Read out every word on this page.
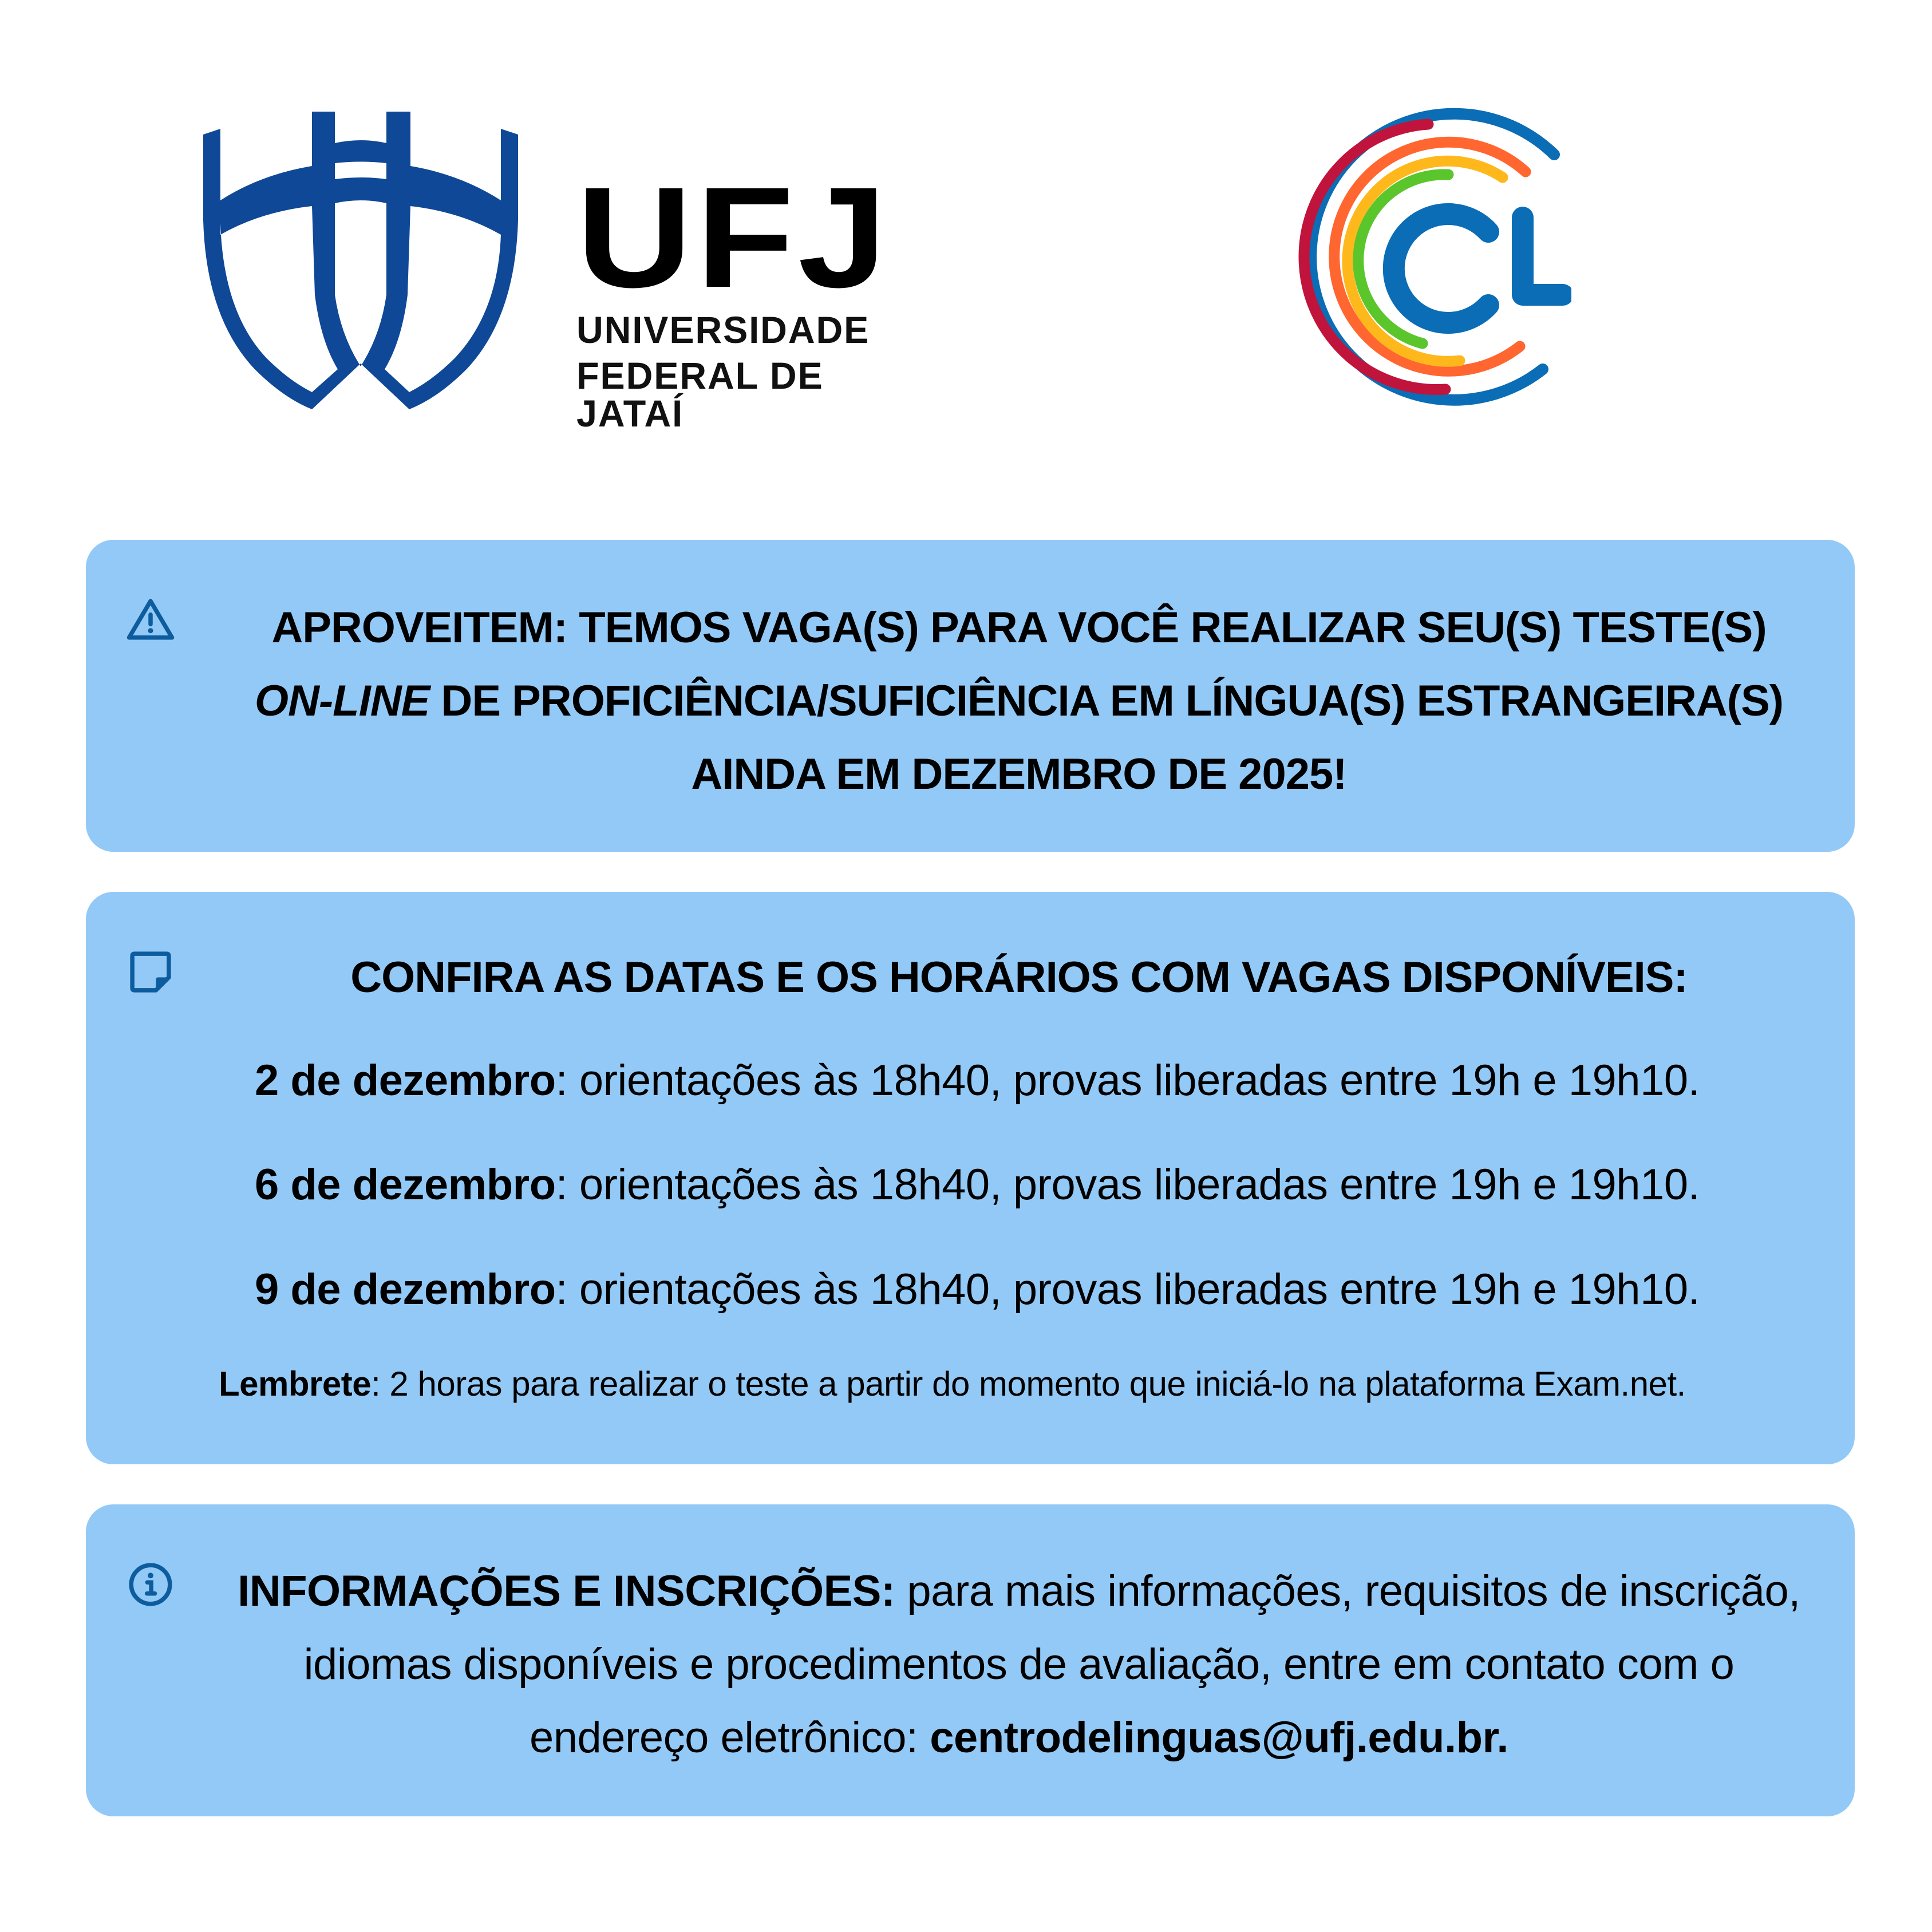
UFJ
UNIVERSIDADE
FEDERAL DE JATAÍ
APROVEITEM: TEMOS VAGA(S) PARA VOCÊ REALIZAR SEU(S) TESTE(S)
ON-LINE DE PROFICIÊNCIA/SUFICIÊNCIA EM LÍNGUA(S) ESTRANGEIRA(S)
AINDA EM DEZEMBRO DE 2025!
CONFIRA AS DATAS E OS HORÁRIOS COM VAGAS DISPONÍVEIS:
2 de dezembro: orientações às 18h40, provas liberadas entre 19h e 19h10.
6 de dezembro: orientações às 18h40, provas liberadas entre 19h e 19h10.
9 de dezembro: orientações às 18h40, provas liberadas entre 19h e 19h10.
Lembrete: 2 horas para realizar o teste a partir do momento que iniciá-lo na plataforma Exam.net.
INFORMAÇÕES E INSCRIÇÕES: para mais informações, requisitos de inscrição, idiomas disponíveis e procedimentos de avaliação, entre em contato com o endereço eletrônico: centrodelinguas@ufj.edu.br.
